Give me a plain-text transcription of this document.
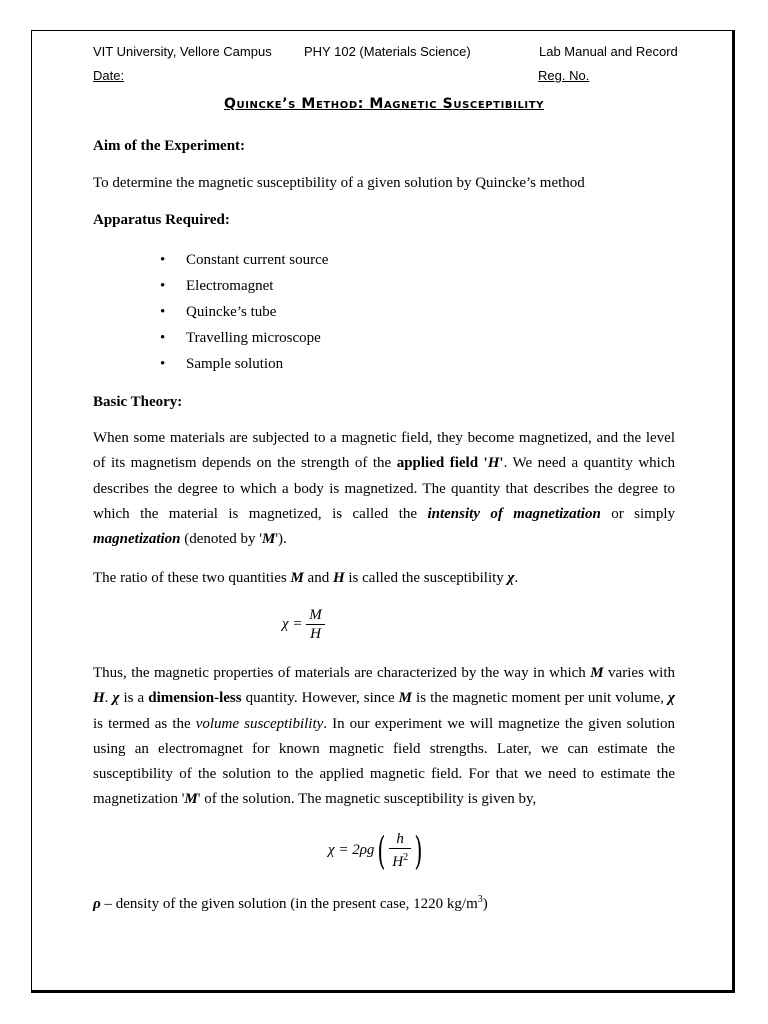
VIT University, Vellore Campus PHY 102 (Materials Science)	Lab Manual and Record
Date:	Reg. No.
Quincke’s Method: Magnetic Susceptibility
Aim of the Experiment:
To determine the magnetic susceptibility of a given solution by Quincke’s method
Apparatus Required:
• Constant current source
• Electromagnet
• Quincke’s tube
• Travelling microscope
• Sample solution
Basic Theory:
When some materials are subjected to a magnetic field, they become magnetized, and the level of its magnetism depends on the strength of the applied field 'H'. We need a quantity which describes the degree to which a body is magnetized. The quantity that describes the degree to which the material is magnetized, is called the intensity of magnetization or simply magnetization (denoted by 'M').
The ratio of these two quantities M and H is called the susceptibility χ.
$\chi = \frac{M}{H}$
Thus, the magnetic properties of materials are characterized by the way in which M varies with H. χ is a dimension-less quantity. However, since M is the magnetic moment per unit volume, χ is termed as the volume susceptibility. In our experiment we will magnetize the given solution using an electromagnet for known magnetic field strengths. Later, we can estimate the susceptibility of the solution to the applied magnetic field. For that we need to estimate the magnetization 'M' of the solution. The magnetic susceptibility is given by,
$\chi = 2\rho g( \frac{h}{H^2}$ )
ρ – density of the given solution (in the present case, 1220 $kg/m^3$)
